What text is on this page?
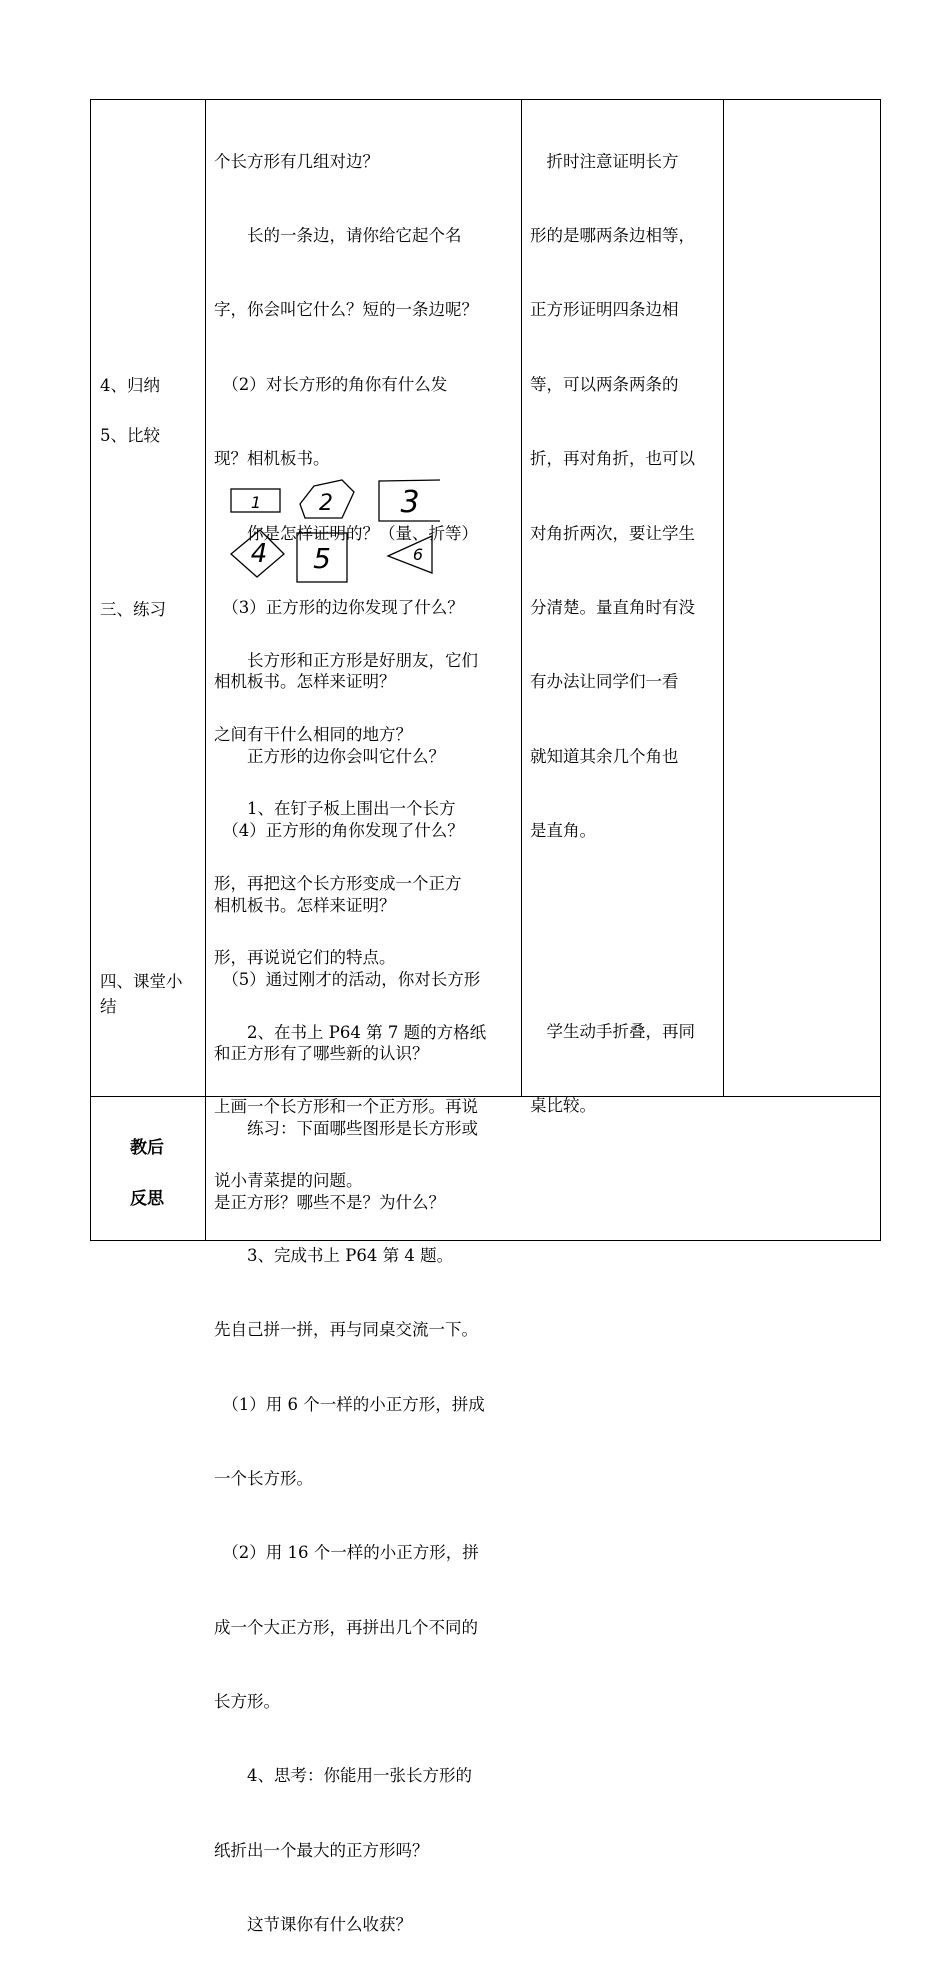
4、归纳
5、比较
三、练习
四、课堂小
结

个长方形有几组对边？

　　长的一条边，请你给它起个名

字，你会叫它什么？短的一条边呢？

　（2）对长方形的角你有什么发

现？相机板书。

　　你是怎样证明的？（量、折等）

　（3）正方形的边你发现了什么？

相机板书。怎样来证明？

　　正方形的边你会叫它什么？

　（4）正方形的角你发现了什么？

相机板书。怎样来证明？

　（5）通过刚才的活动，你对长方形

和正方形有了哪些新的认识？

　　练习：下面哪些图形是长方形或

是正方形？哪些不是？为什么？

1	2 3
4 5	6

　　长方形和正方形是好朋友，它们

之间有干什么相同的地方？

　　1、在钉子板上围出一个长方

形，再把这个长方形变成一个正方

形，再说说它们的特点。

　　2、在书上 P64 第 7 题的方格纸

上画一个长方形和一个正方形。再说

说小青菜提的问题。

　　3、完成书上 P64 第 4 题。

先自己拼一拼，再与同桌交流一下。

　（1）用 6 个一样的小正方形，拼成

一个长方形。

　（2）用 16 个一样的小正方形，拼

成一个大正方形，再拼出几个不同的

长方形。

　　4、思考：你能用一张长方形的

纸折出一个最大的正方形吗？

　　这节课你有什么收获？

　折时注意证明长方

形的是哪两条边相等，

正方形证明四条边相

等，可以两条两条的

折，再对角折，也可以

对角折两次，要让学生

分清楚。量直角时有没

有办法让同学们一看

就知道其余几个角也

是直角。

　学生动手折叠，再同

桌比较。

教后
反思
